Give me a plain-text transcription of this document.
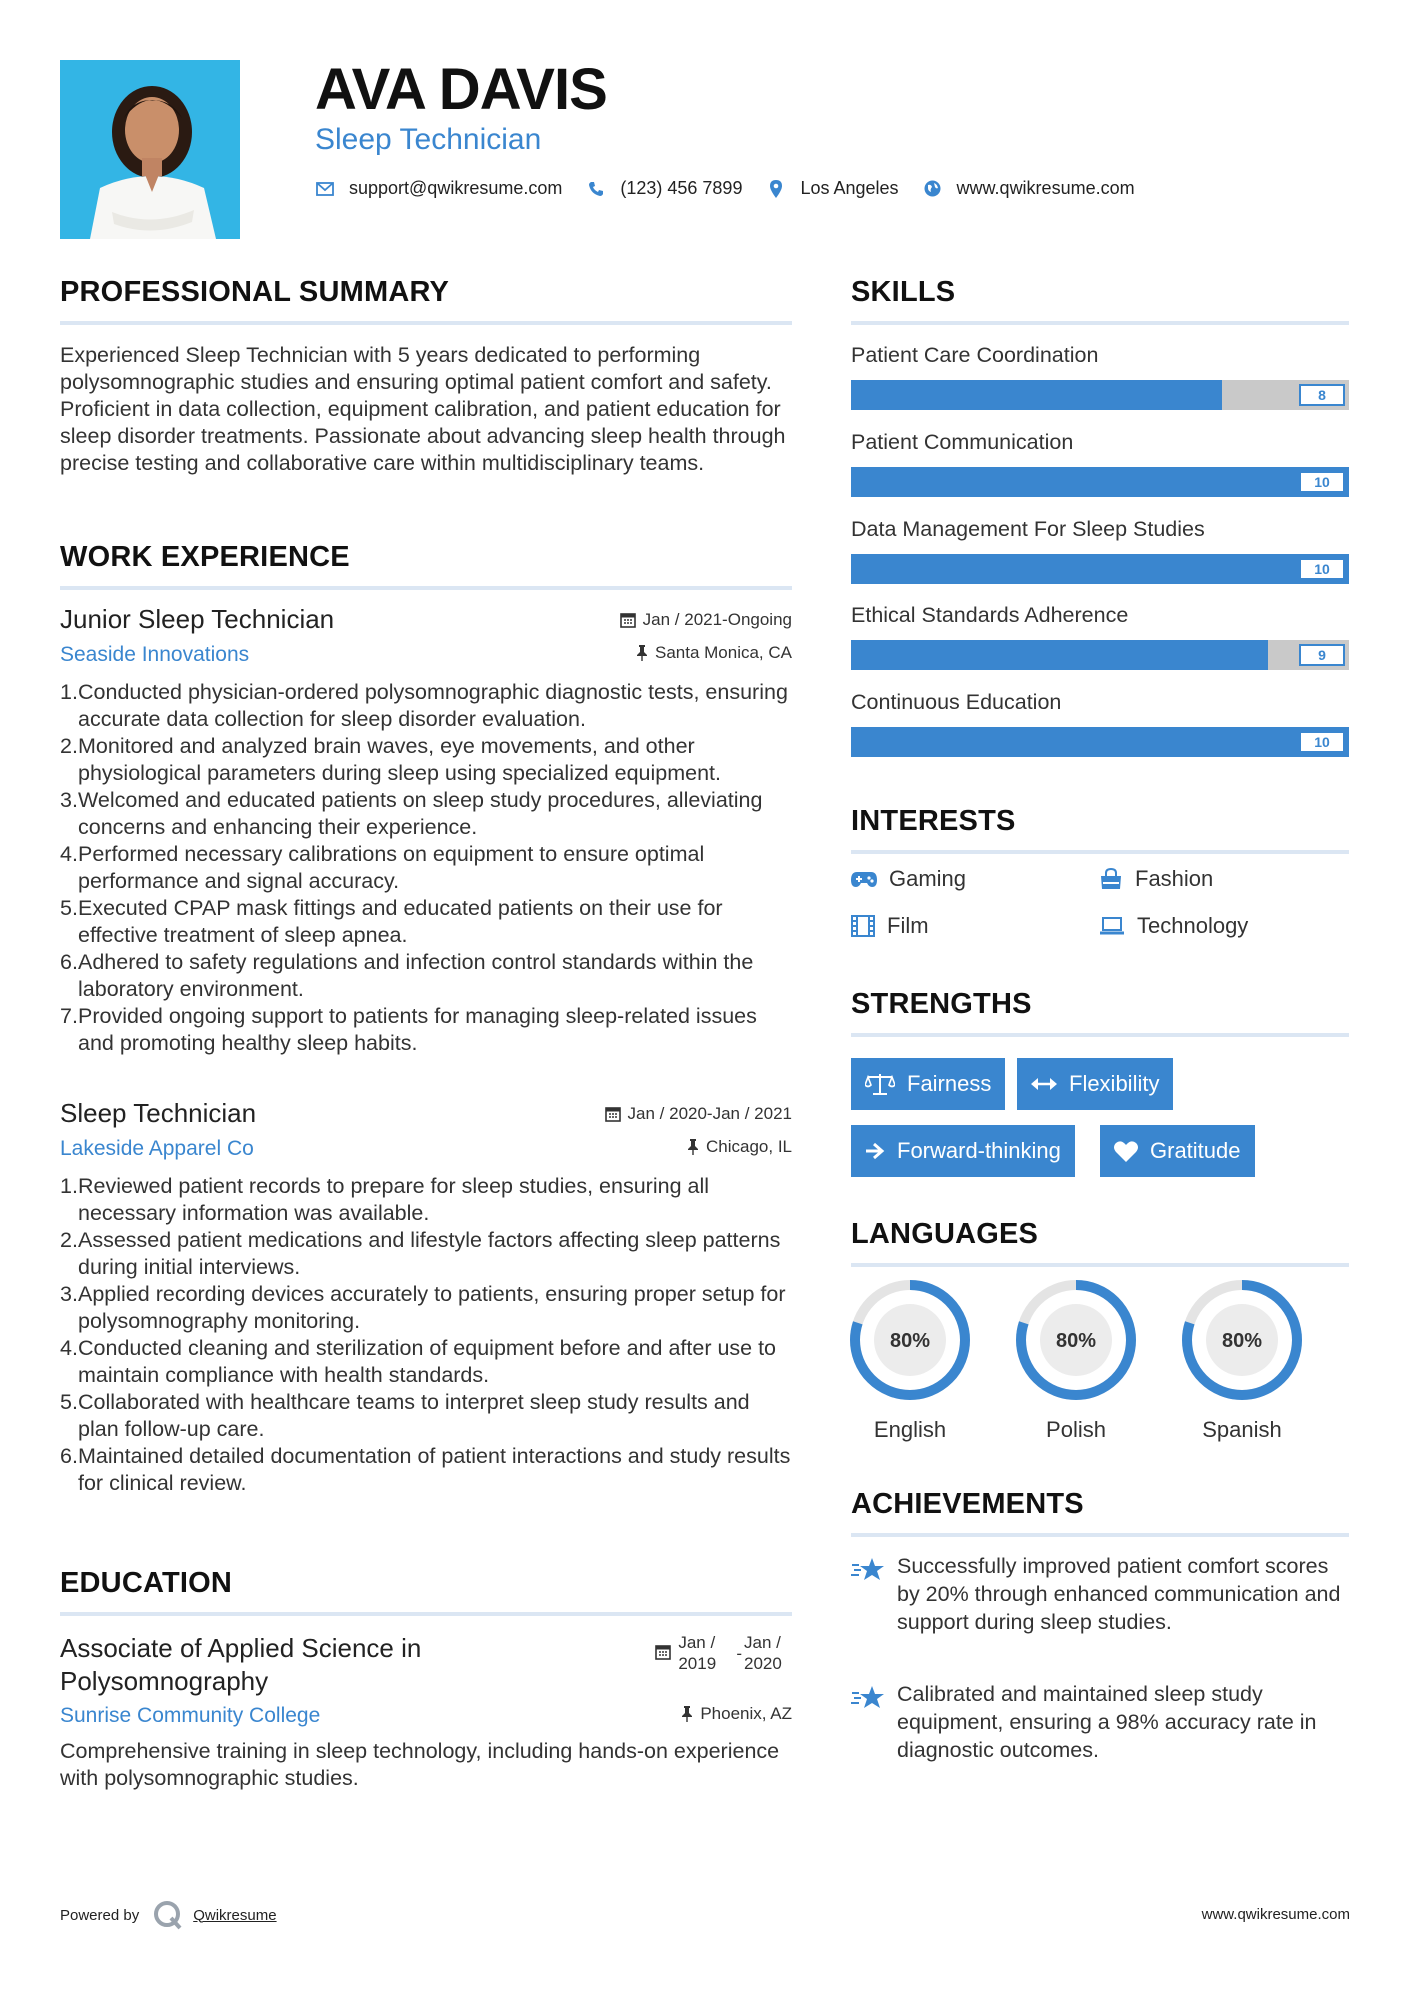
AVA DAVIS
Sleep Technician
support@qwikresume.com	(123) 456 7899	Los Angeles	www.qwikresume.com
PROFESSIONAL SUMMARY
Experienced Sleep Technician with 5 years dedicated to performing polysomnographic studies and ensuring optimal patient comfort and safety. Proficient in data collection, equipment calibration, and patient education for sleep disorder treatments. Passionate about advancing sleep health through precise testing and collaborative care within multidisciplinary teams.
WORK EXPERIENCE
Junior Sleep Technician	Jan / 2021-Ongoing
Seaside Innovations	Santa Monica, CA
1. Conducted physician-ordered polysomnographic diagnostic tests, ensuring accurate data collection for sleep disorder evaluation.
2. Monitored and analyzed brain waves, eye movements, and other physiological parameters during sleep using specialized equipment.
3. Welcomed and educated patients on sleep study procedures, alleviating concerns and enhancing their experience.
4. Performed necessary calibrations on equipment to ensure optimal performance and signal accuracy.
5. Executed CPAP mask fittings and educated patients on their use for effective treatment of sleep apnea.
6. Adhered to safety regulations and infection control standards within the laboratory environment.
7. Provided ongoing support to patients for managing sleep-related issues and promoting healthy sleep habits.
Sleep Technician	Jan / 2020-Jan / 2021
Lakeside Apparel Co	Chicago, IL
1. Reviewed patient records to prepare for sleep studies, ensuring all necessary information was available.
2. Assessed patient medications and lifestyle factors affecting sleep patterns during initial interviews.
3. Applied recording devices accurately to patients, ensuring proper setup for polysomnography monitoring.
4. Conducted cleaning and sterilization of equipment before and after use to maintain compliance with health standards.
5. Collaborated with healthcare teams to interpret sleep study results and plan follow-up care.
6. Maintained detailed documentation of patient interactions and study results for clinical review.
EDUCATION
Associate of Applied Science in Polysomnography
Jan / 2019
-
Jan / 2020
Sunrise Community College	Phoenix, AZ
Comprehensive training in sleep technology, including hands-on experience with polysomnographic studies.
SKILLS
Patient Care Coordination
8
Patient Communication
10
Data Management For Sleep Studies
10
Ethical Standards Adherence
9
Continuous Education
10
INTERESTS
Gaming	Fashion
Film	Technology
STRENGTHS
Fairness	Flexibility
Forward-thinking	Gratitude
LANGUAGES
80%
English
80%
Polish
80%
Spanish
ACHIEVEMENTS
Successfully improved patient comfort scores by 20% through enhanced communication and support during sleep studies.
Calibrated and maintained sleep study equipment, ensuring a 98% accuracy rate in diagnostic outcomes.
Powered by	Qwikresume	www.qwikresume.com
